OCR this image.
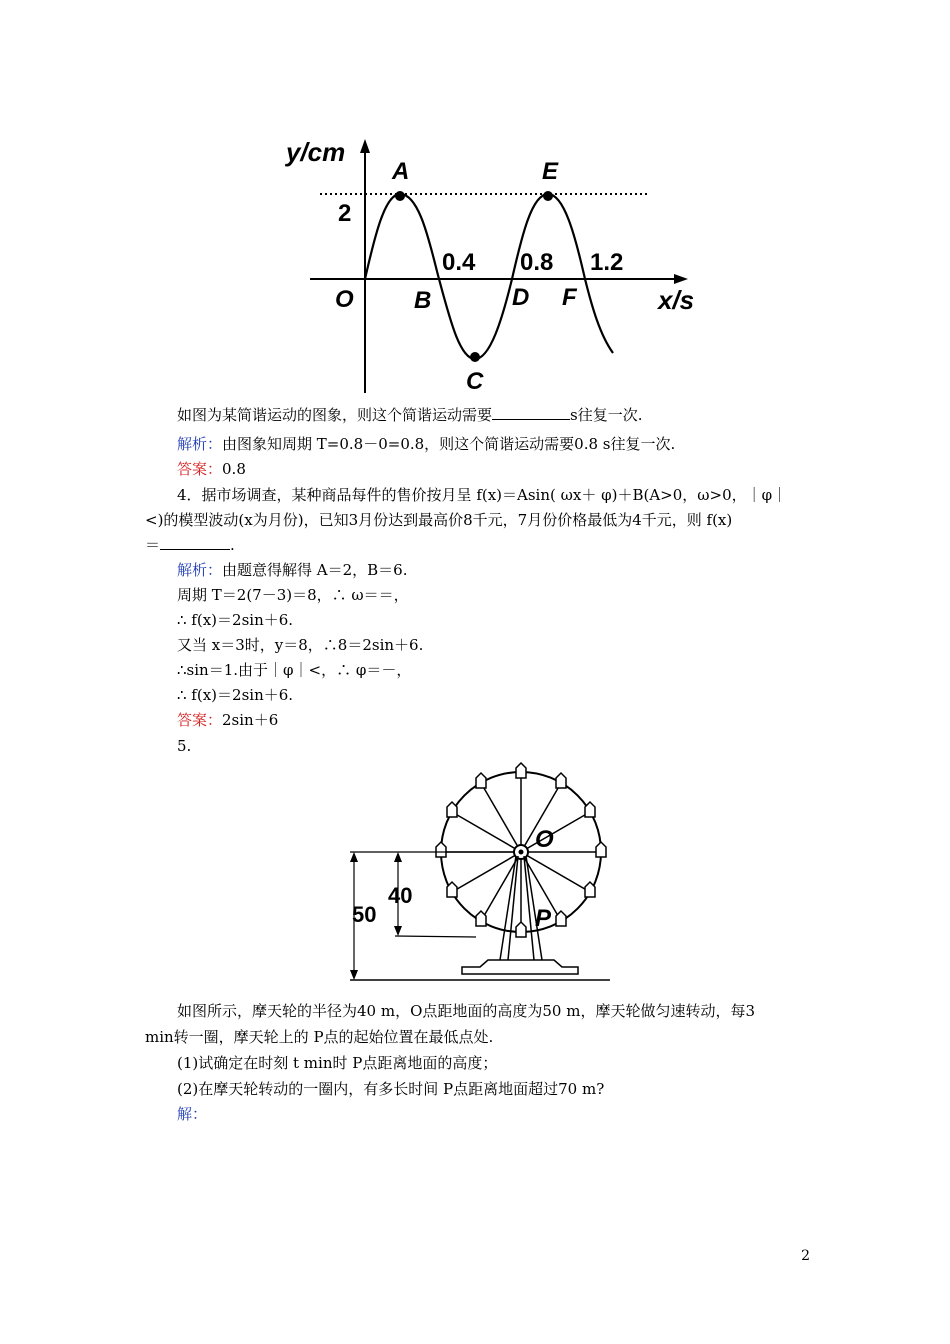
y/cm
x/s
O
2
0.4 0.8 1.2
A
B
C
D
E
F
如图为某简谐运动的图象，则这个简谐运动需要	s往复一次.
解析：由图象知周期 T=0.8－0=0.8，则这个简谐运动需要0.8 s往复一次.
答案：0.8
4．据市场调查，某种商品每件的售价按月呈 f(x)＝Asin( ωx＋ φ)＋B(A>0，ω>0，｜φ｜
<)的模型波动(x为月份)，已知3月份达到最高价8千元，7月份价格最低为4千元，则 f(x)
＝	.
解析：由题意得解得 A＝2，B＝6.
周期 T＝2(7－3)＝8，∴ ω＝＝，
∴ f(x)＝2sin＋6.
又当 x＝3时，y＝8，∴8＝2sin＋6.
∴sin＝1.由于｜φ｜<，∴ φ＝－，
∴ f(x)＝2sin＋6.
答案：2sin＋6
5.
50
40
O
P
如图所示，摩天轮的半径为40 m，O点距地面的高度为50 m，摩天轮做匀速转动，每3
min转一圈，摩天轮上的 P点的起始位置在最低点处.
(1)试确定在时刻 t min时 P点距离地面的高度；
(2)在摩天轮转动的一圈内，有多长时间 P点距离地面超过70 m?
解：
2
